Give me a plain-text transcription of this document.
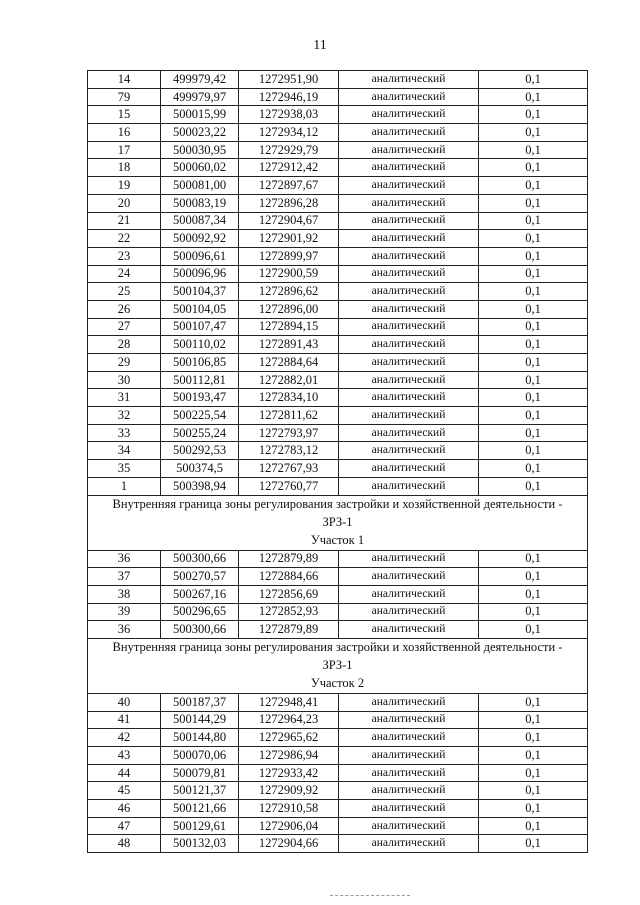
11
14	499979,42	1272951,90	аналитический	0,1
79	499979,97	1272946,19	аналитический	0,1
15	500015,99	1272938,03	аналитический	0,1
16	500023,22	1272934,12	аналитический	0,1
17	500030,95	1272929,79	аналитический	0,1
18	500060,02	1272912,42	аналитический	0,1
19	500081,00	1272897,67	аналитический	0,1
20	500083,19	1272896,28	аналитический	0,1
21	500087,34	1272904,67	аналитический	0,1
22	500092,92	1272901,92	аналитический	0,1
23	500096,61	1272899,97	аналитический	0,1
24	500096,96	1272900,59	аналитический	0,1
25	500104,37	1272896,62	аналитический	0,1
26	500104,05	1272896,00	аналитический	0,1
27	500107,47	1272894,15	аналитический	0,1
28	500110,02	1272891,43	аналитический	0,1
29	500106,85	1272884,64	аналитический	0,1
30	500112,81	1272882,01	аналитический	0,1
31	500193,47	1272834,10	аналитический	0,1
32	500225,54	1272811,62	аналитический	0,1
33	500255,24	1272793,97	аналитический	0,1
34	500292,53	1272783,12	аналитический	0,1
35	500374,5	1272767,93	аналитический	0,1
1	500398,94	1272760,77	аналитический	0,1
Внутренняя граница зоны регулирования застройки и хозяйственной деятельности -				
ЗРЗ-1				
Участок 1				
36	500300,66	1272879,89	аналитический	0,1
37	500270,57	1272884,66	аналитический	0,1
38	500267,16	1272856,69	аналитический	0,1
39	500296,65	1272852,93	аналитический	0,1
36	500300,66	1272879,89	аналитический	0,1
Внутренняя граница зоны регулирования застройки и хозяйственной деятельности -				
ЗРЗ-1				
Участок 2				
40	500187,37	1272948,41	аналитический	0,1
41	500144,29	1272964,23	аналитический	0,1
42	500144,80	1272965,62	аналитический	0,1
43	500070,06	1272986,94	аналитический	0,1
44	500079,81	1272933,42	аналитический	0,1
45	500121,37	1272909,92	аналитический	0,1
46	500121,66	1272910,58	аналитический	0,1
47	500129,61	1272906,04	аналитический	0,1
48	500132,03	1272904,66	аналитический	0,1
